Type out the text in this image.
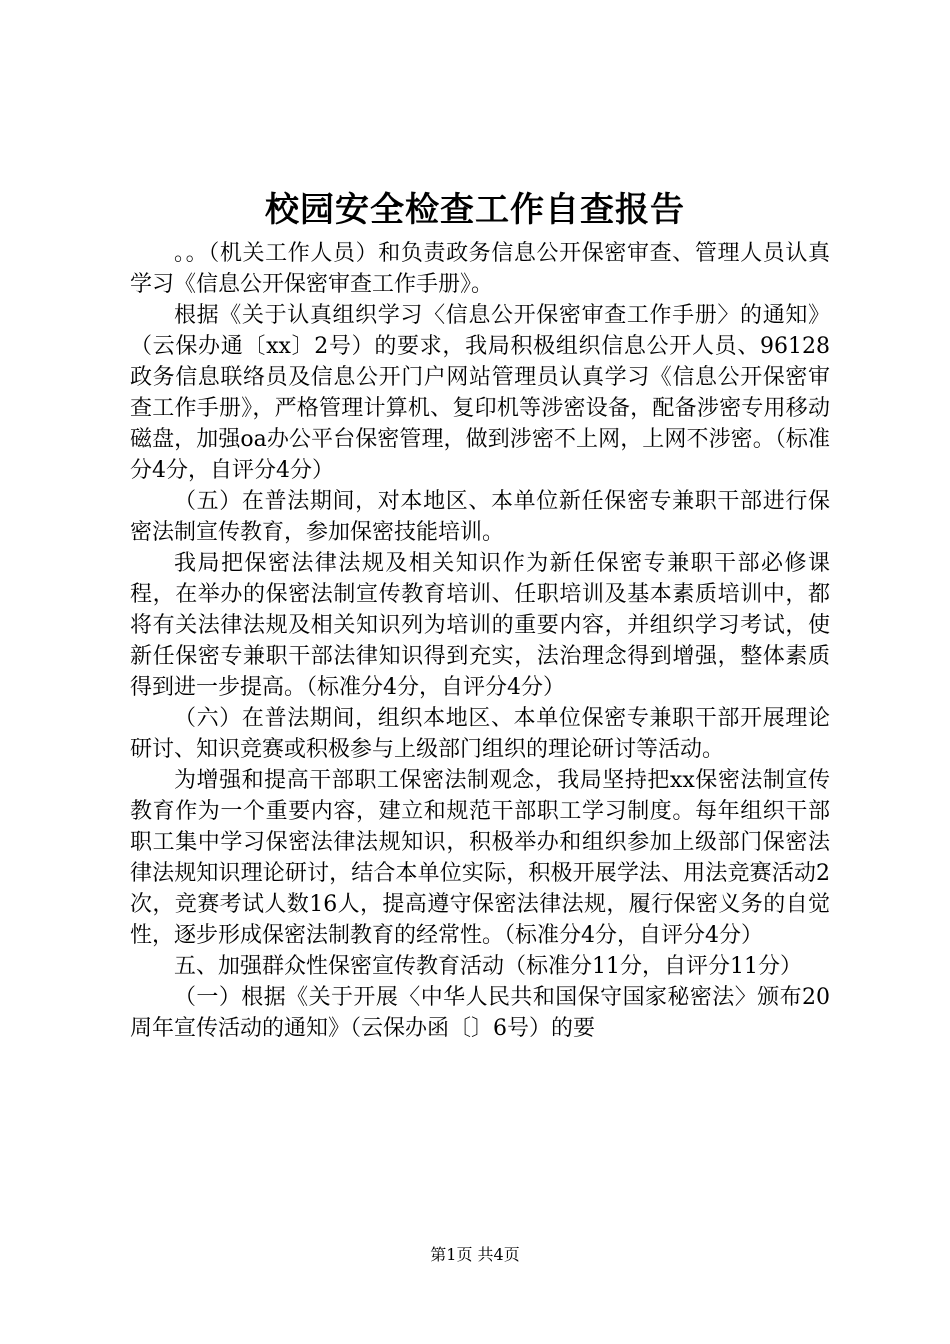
校园安全检查工作自查报告

。。（机关工作人员）和负责政务信息公开保密审查、管理人员认真学习《信息公开保密审查工作手册》。

根据《关于认真组织学习〈信息公开保密审查工作手册〉的通知》（云保办通〔xx〕2号）的要求，我局积极组织信息公开人员、96128政务信息联络员及信息公开门户网站管理员认真学习《信息公开保密审查工作手册》，严格管理计算机、复印机等涉密设备，配备涉密专用移动磁盘，加强oa办公平台保密管理，做到涉密不上网，上网不涉密。（标准分4分，自评分4分）

（五）在普法期间，对本地区、本单位新任保密专兼职干部进行保密法制宣传教育，参加保密技能培训。

我局把保密法律法规及相关知识作为新任保密专兼职干部必修课程，在举办的保密法制宣传教育培训、任职培训及基本素质培训中，都将有关法律法规及相关知识列为培训的重要内容，并组织学习考试，使新任保密专兼职干部法律知识得到充实，法治理念得到增强，整体素质得到进一步提高。（标准分4分，自评分4分）

（六）在普法期间，组织本地区、本单位保密专兼职干部开展理论研讨、知识竞赛或积极参与上级部门组织的理论研讨等活动。

为增强和提高干部职工保密法制观念，我局坚持把xx保密法制宣传教育作为一个重要内容，建立和规范干部职工学习制度。每年组织干部职工集中学习保密法律法规知识，积极举办和组织参加上级部门保密法律法规知识理论研讨，结合本单位实际，积极开展学法、用法竞赛活动2次，竞赛考试人数16人，提高遵守保密法律法规，履行保密义务的自觉性，逐步形成保密法制教育的经常性。（标准分4分，自评分4分）

五、加强群众性保密宣传教育活动（标准分11分，自评分11分）

（一）根据《关于开展〈中华人民共和国保守国家秘密法〉颁布20周年宣传活动的通知》（云保办函〔〕6号）的要

第1页 共4页
